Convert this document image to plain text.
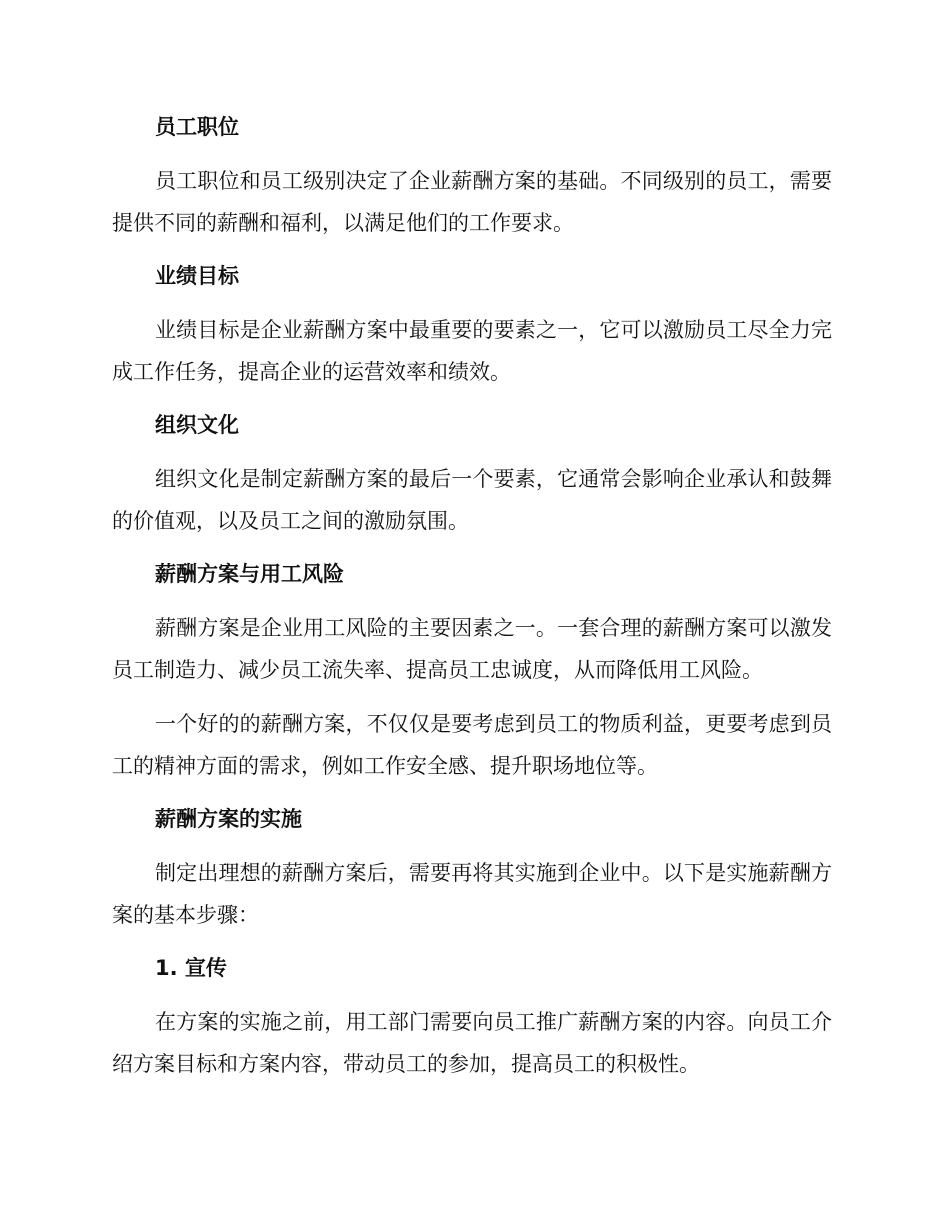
员工职位

员工职位和员工级别决定了企业薪酬方案的基础。不同级别的员工，需要提供不同的薪酬和福利，以满足他们的工作要求。

业绩目标

业绩目标是企业薪酬方案中最重要的要素之一，它可以激励员工尽全力完成工作任务，提高企业的运营效率和绩效。

组织文化

组织文化是制定薪酬方案的最后一个要素，它通常会影响企业承认和鼓舞的价值观，以及员工之间的激励氛围。

薪酬方案与用工风险

薪酬方案是企业用工风险的主要因素之一。一套合理的薪酬方案可以激发员工制造力、减少员工流失率、提高员工忠诚度，从而降低用工风险。

一个好的的薪酬方案，不仅仅是要考虑到员工的物质利益，更要考虑到员工的精神方面的需求，例如工作安全感、提升职场地位等。

薪酬方案的实施

制定出理想的薪酬方案后，需要再将其实施到企业中。以下是实施薪酬方案的基本步骤：

1. 宣传

在方案的实施之前，用工部门需要向员工推广薪酬方案的内容。向员工介绍方案目标和方案内容，带动员工的参加，提高员工的积极性。
